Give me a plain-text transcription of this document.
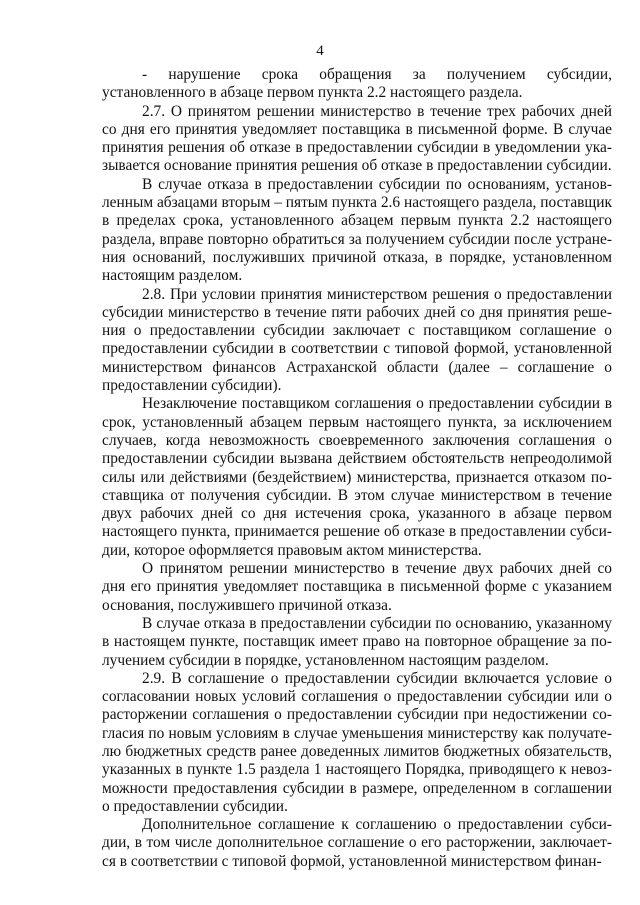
4

- нарушение срока обращения за получением субсидии, установленного в абзаце первом пункта 2.2 настоящего раздела.

2.7. О принятом решении министерство в течение трех рабочих дней со дня его принятия уведомляет поставщика в письменной форме. В случае принятия решения об отказе в предоставлении субсидии в уведомлении указывается основание принятия решения об отказе в предоставлении субсидии.

В случае отказа в предоставлении субсидии по основаниям, установленным абзацами вторым – пятым пункта 2.6 настоящего раздела, поставщик в пределах срока, установленного абзацем первым пункта 2.2 настоящего раздела, вправе повторно обратиться за получением субсидии после устранения оснований, послуживших причиной отказа, в порядке, установленном настоящим разделом.

2.8. При условии принятия министерством решения о предоставлении субсидии министерство в течение пяти рабочих дней со дня принятия решения о предоставлении субсидии заключает с поставщиком соглашение о предоставлении субсидии в соответствии с типовой формой, установленной министерством финансов Астраханской области (далее – соглашение о предоставлении субсидии).

Незаключение поставщиком соглашения о предоставлении субсидии в срок, установленный абзацем первым настоящего пункта, за исключением случаев, когда невозможность своевременного заключения соглашения о предоставлении субсидии вызвана действием обстоятельств непреодолимой силы или действиями (бездействием) министерства, признается отказом поставщика от получения субсидии. В этом случае министерством в течение двух рабочих дней со дня истечения срока, указанного в абзаце первом настоящего пункта, принимается решение об отказе в предоставлении субсидии, которое оформляется правовым актом министерства.

О принятом решении министерство в течение двух рабочих дней со дня его принятия уведомляет поставщика в письменной форме с указанием основания, послужившего причиной отказа.

В случае отказа в предоставлении субсидии по основанию, указанному в настоящем пункте, поставщик имеет право на повторное обращение за получением субсидии в порядке, установленном настоящим разделом.

2.9. В соглашение о предоставлении субсидии включается условие о согласовании новых условий соглашения о предоставлении субсидии или о расторжении соглашения о предоставлении субсидии при недостижении согласия по новым условиям в случае уменьшения министерству как получателю бюджетных средств ранее доведенных лимитов бюджетных обязательств, указанных в пункте 1.5 раздела 1 настоящего Порядка, приводящего к невозможности предоставления субсидии в размере, определенном в соглашении о предоставлении субсидии.

Дополнительное соглашение к соглашению о предоставлении субсидии, в том числе дополнительное соглашение о его расторжении, заключается в соответствии с типовой формой, установленной министерством финан-
